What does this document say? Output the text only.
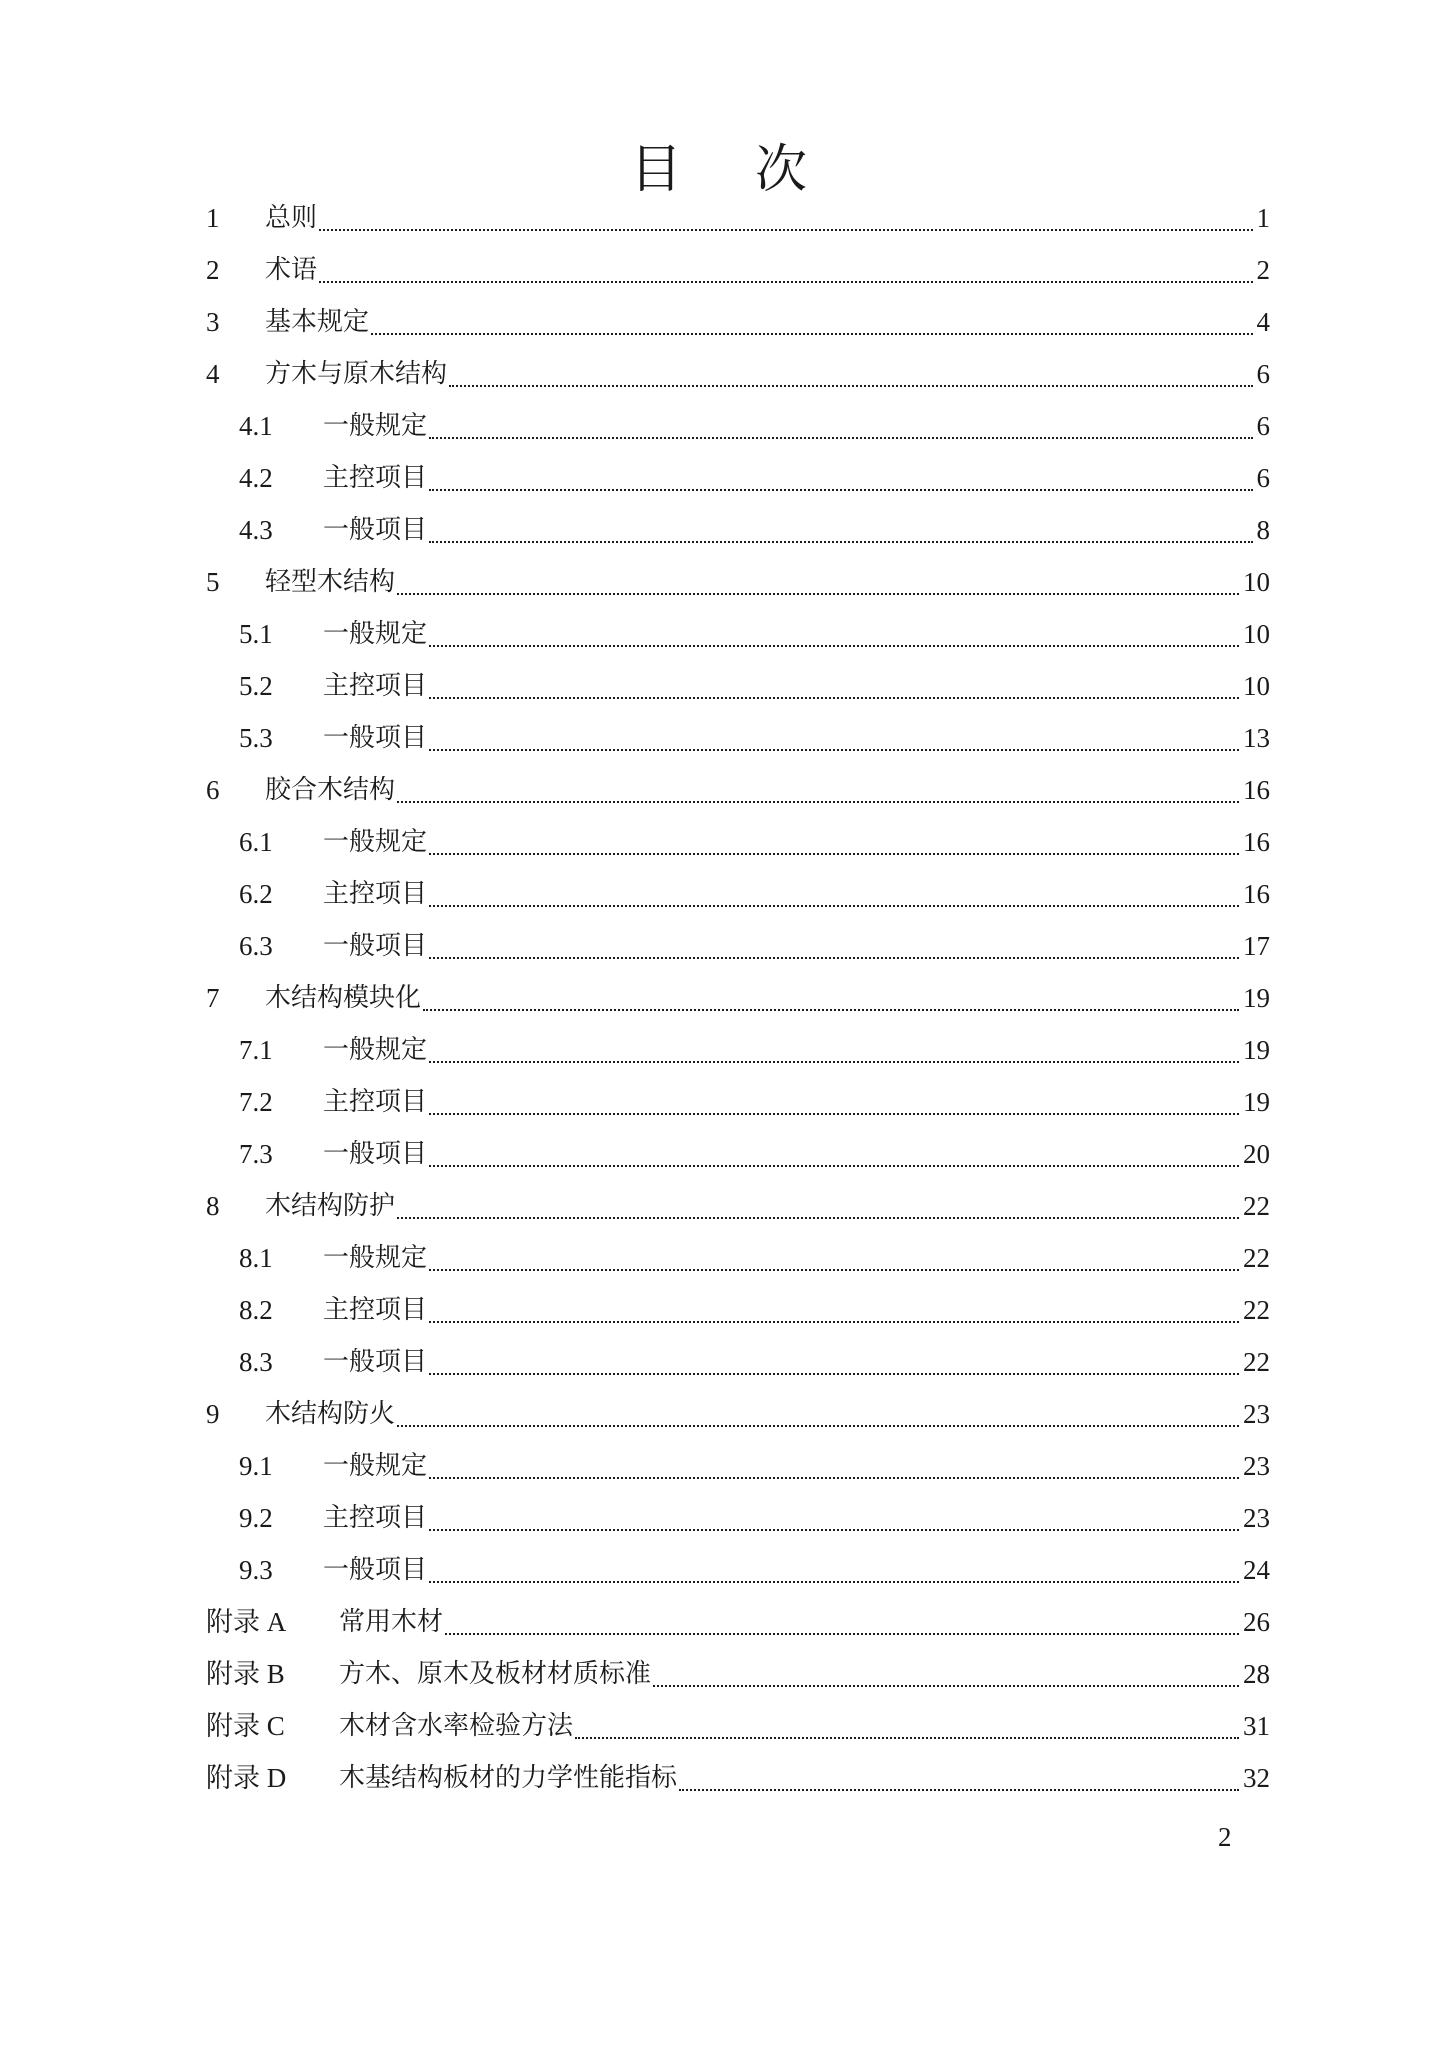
目 次
1	总则	1
2	术语	2
3	基本规定	4
4	方木与原木结构	6
4.1	一般规定	6
4.2	主控项目	6
4.3	一般项目	8
5	轻型木结构	10
5.1	一般规定	10
5.2	主控项目	10
5.3	一般项目	13
6	胶合木结构	16
6.1	一般规定	16
6.2	主控项目	16
6.3	一般项目	17
7	木结构模块化	19
7.1	一般规定	19
7.2	主控项目	19
7.3	一般项目	20
8	木结构防护	22
8.1	一般规定	22
8.2	主控项目	22
8.3	一般项目	22
9	木结构防火	23
9.1	一般规定	23
9.2	主控项目	23
9.3	一般项目	24
附录 A	常用木材	26
附录 B	方木、原木及板材材质标准	28
附录 C	木材含水率检验方法	31
附录 D	木基结构板材的力学性能指标	32
2
